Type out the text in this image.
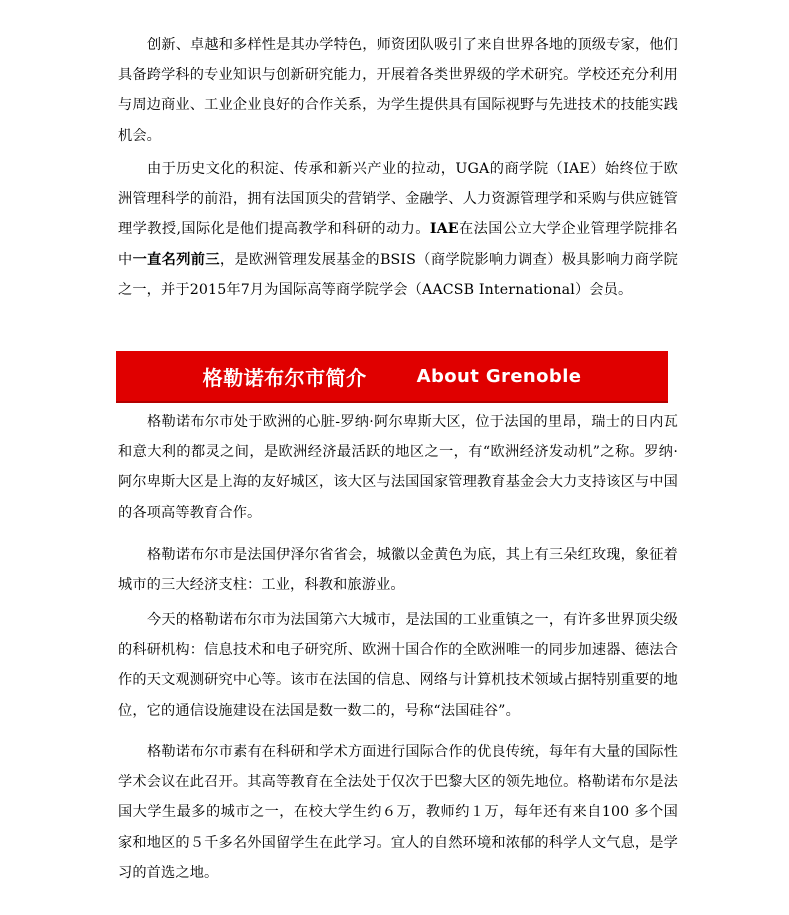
创新、卓越和多样性是其办学特色，师资团队吸引了来自世界各地的顶级专家，他们具备跨学科的专业知识与创新研究能力，开展着各类世界级的学术研究。学校还充分利用与周边商业、工业企业良好的合作关系，为学生提供具有国际视野与先进技术的技能实践机会。

由于历史文化的积淀、传承和新兴产业的拉动，UGA的商学院（IAE）始终位于欧洲管理科学的前沿，拥有法国顶尖的营销学、金融学、人力资源管理学和采购与供应链管理学教授,国际化是他们提高教学和科研的动力。IAE在法国公立大学企业管理学院排名中一直名列前三，是欧洲管理发展基金的BSIS（商学院影响力调查）极具影响力商学院之一，并于2015年7月为国际高等商学院学会（AACSB International）会员。

格勒诺布尔市简介	About Grenoble

格勒诺布尔市处于欧洲的心脏-罗纳·阿尔卑斯大区，位于法国的里昂，瑞士的日内瓦和意大利的都灵之间，是欧洲经济最活跃的地区之一，有“欧洲经济发动机”之称。罗纳·阿尔卑斯大区是上海的友好城区，该大区与法国国家管理教育基金会大力支持该区与中国的各项高等教育合作。

格勒诺布尔市是法国伊泽尔省省会，城徽以金黄色为底，其上有三朵红玫瑰，象征着城市的三大经济支柱：工业，科教和旅游业。

今天的格勒诺布尔市为法国第六大城市，是法国的工业重镇之一，有许多世界顶尖级的科研机构：信息技术和电子研究所、欧洲十国合作的全欧洲唯一的同步加速器、德法合作的天文观测研究中心等。该市在法国的信息、网络与计算机技术领域占据特别重要的地位，它的通信设施建设在法国是数一数二的，号称“法国硅谷”。

格勒诺布尔市素有在科研和学术方面进行国际合作的优良传统，每年有大量的国际性学术会议在此召开。其高等教育在全法处于仅次于巴黎大区的领先地位。格勒诺布尔是法国大学生最多的城市之一，在校大学生约６万，教师约１万，每年还有来自100 多个国家和地区的５千多名外国留学生在此学习。宜人的自然环境和浓郁的科学人文气息，是学习的首选之地。
